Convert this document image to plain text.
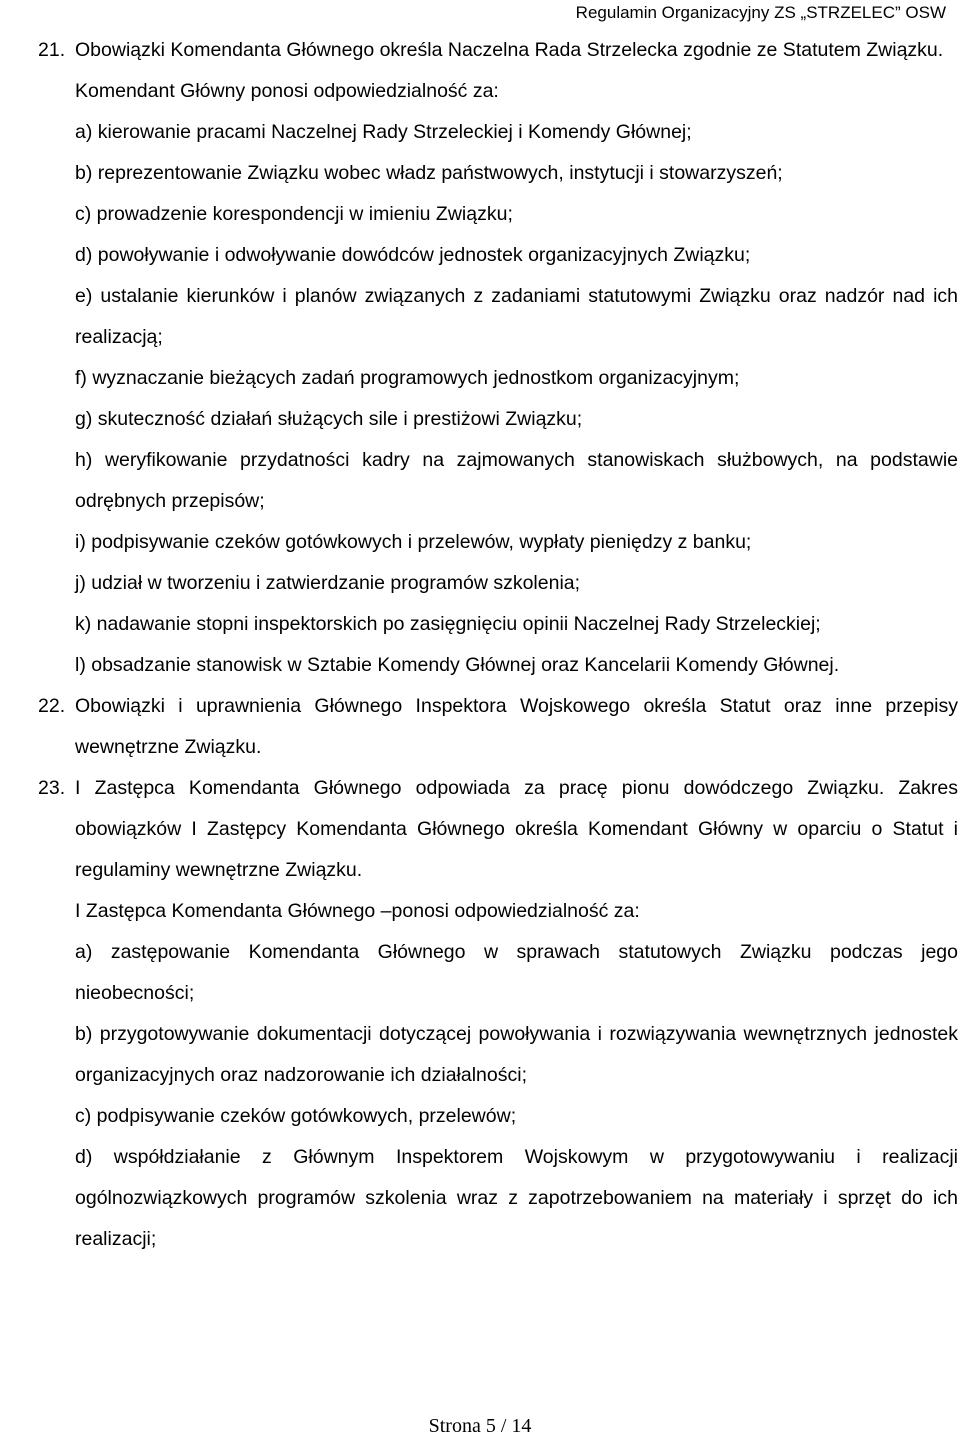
Regulamin Organizacyjny ZS „STRZELEC” OSW
21. Obowiązki Komendanta Głównego określa Naczelna Rada Strzelecka zgodnie ze Statutem Związku.

Komendant Główny ponosi odpowiedzialność za:

a) kierowanie pracami Naczelnej Rady Strzeleckiej i Komendy Głównej;

b) reprezentowanie Związku wobec władz państwowych, instytucji i stowarzyszeń;

c) prowadzenie korespondencji w imieniu Związku;

d) powoływanie i odwoływanie dowódców jednostek organizacyjnych Związku;

e) ustalanie kierunków i planów związanych z zadaniami statutowymi Związku oraz nadzór nad ich realizacją;

f) wyznaczanie bieżących zadań programowych jednostkom organizacyjnym;

g) skuteczność działań służących sile i prestiżowi Związku;

h) weryfikowanie przydatności kadry na zajmowanych stanowiskach służbowych, na podstawie odrębnych przepisów;

i) podpisywanie czeków gotówkowych i przelewów, wypłaty pieniędzy z banku;

j) udział w tworzeniu i zatwierdzanie programów szkolenia;

k) nadawanie stopni inspektorskich po zasięgnięciu opinii Naczelnej Rady Strzeleckiej;

l) obsadzanie stanowisk w Sztabie Komendy Głównej oraz Kancelarii Komendy Głównej.

22. Obowiązki i uprawnienia Głównego Inspektora Wojskowego określa Statut oraz inne przepisy wewnętrzne Związku.

23. I Zastępca Komendanta Głównego odpowiada za pracę pionu dowódczego Związku. Zakres obowiązków I Zastępcy Komendanta Głównego określa Komendant Główny w oparciu o Statut i regulaminy wewnętrzne Związku.

I Zastępca Komendanta Głównego –ponosi odpowiedzialność za:

a) zastępowanie Komendanta Głównego w sprawach statutowych Związku podczas jego nieobecności;

b) przygotowywanie dokumentacji dotyczącej powoływania i rozwiązywania wewnętrznych jednostek organizacyjnych oraz nadzorowanie ich działalności;

c) podpisywanie czeków gotówkowych, przelewów;

d) współdziałanie z Głównym Inspektorem Wojskowym w przygotowywaniu i realizacji ogólnozwiązkowych programów szkolenia wraz z zapotrzebowaniem na materiały i sprzęt do ich realizacji;

Strona 5 / 14
